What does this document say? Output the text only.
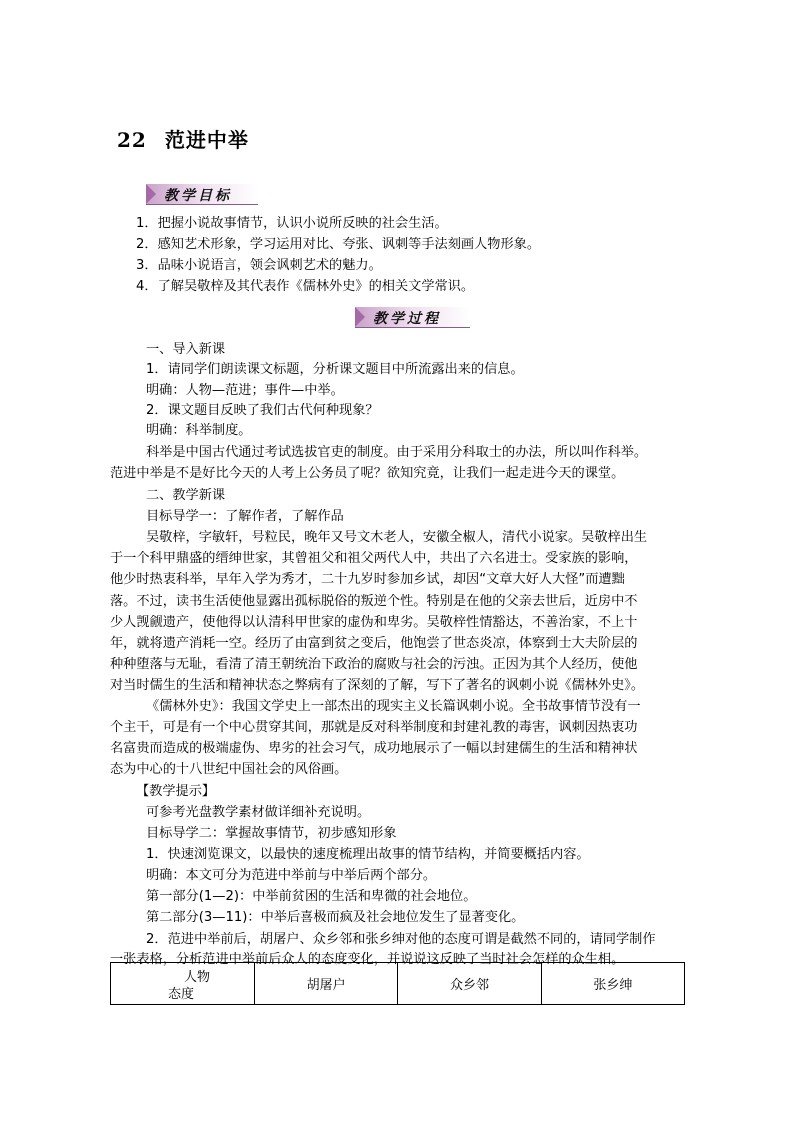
22 范进中举
教学目标
1．把握小说故事情节，认识小说所反映的社会生活。
2．感知艺术形象，学习运用对比、夸张、讽刺等手法刻画人物形象。
3．品味小说语言，领会讽刺艺术的魅力。
4．了解吴敬梓及其代表作《儒林外史》的相关文学常识。
教学过程
一、导入新课
1．请同学们朗读课文标题，分析课文题目中所流露出来的信息。
明确：人物—范进；事件—中举。
2．课文题目反映了我们古代何种现象？
明确：科举制度。
科举是中国古代通过考试选拔官吏的制度。由于采用分科取士的办法，所以叫作科举。
范进中举是不是好比今天的人考上公务员了呢？欲知究竟，让我们一起走进今天的课堂。
二、教学新课
目标导学一：了解作者，了解作品
吴敬梓，字敏轩，号粒民，晚年又号文木老人，安徽全椒人，清代小说家。吴敬梓出生
于一个科甲鼎盛的缙绅世家，其曾祖父和祖父两代人中，共出了六名进士。受家族的影响，
他少时热衷科举，早年入学为秀才，二十九岁时参加乡试，却因“文章大好人大怪”而遭黜
落。不过，读书生活使他显露出孤标脱俗的叛逆个性。特别是在他的父亲去世后，近房中不
少人觊觎遗产，使他得以认清科甲世家的虚伪和卑劣。吴敬梓性情豁达，不善治家，不上十
年，就将遗产消耗一空。经历了由富到贫之变后，他饱尝了世态炎凉，体察到士大夫阶层的
种种堕落与无耻，看清了清王朝统治下政治的腐败与社会的污浊。正因为其个人经历，使他
对当时儒生的生活和精神状态之弊病有了深刻的了解，写下了著名的讽刺小说《儒林外史》。
《儒林外史》：我国文学史上一部杰出的现实主义长篇讽刺小说。全书故事情节没有一
个主干，可是有一个中心贯穿其间，那就是反对科举制度和封建礼教的毒害，讽刺因热衷功
名富贵而造成的极端虚伪、卑劣的社会习气，成功地展示了一幅以封建儒生的生活和精神状
态为中心的十八世纪中国社会的风俗画。
【教学提示】
可参考光盘教学素材做详细补充说明。
目标导学二：掌握故事情节，初步感知形象
1．快速浏览课文，以最快的速度梳理出故事的情节结构，并简要概括内容。
明确：本文可分为范进中举前与中举后两个部分。
第一部分(1—2)：中举前贫困的生活和卑微的社会地位。
第二部分(3—11)：中举后喜极而疯及社会地位发生了显著变化。
2．范进中举前后，胡屠户、众乡邻和张乡绅对他的态度可谓是截然不同的，请同学制作
一张表格，分析范进中举前后众人的态度变化，并说说这反映了当时社会怎样的众生相。
人物
态度
	胡屠户	众乡邻	张乡绅
